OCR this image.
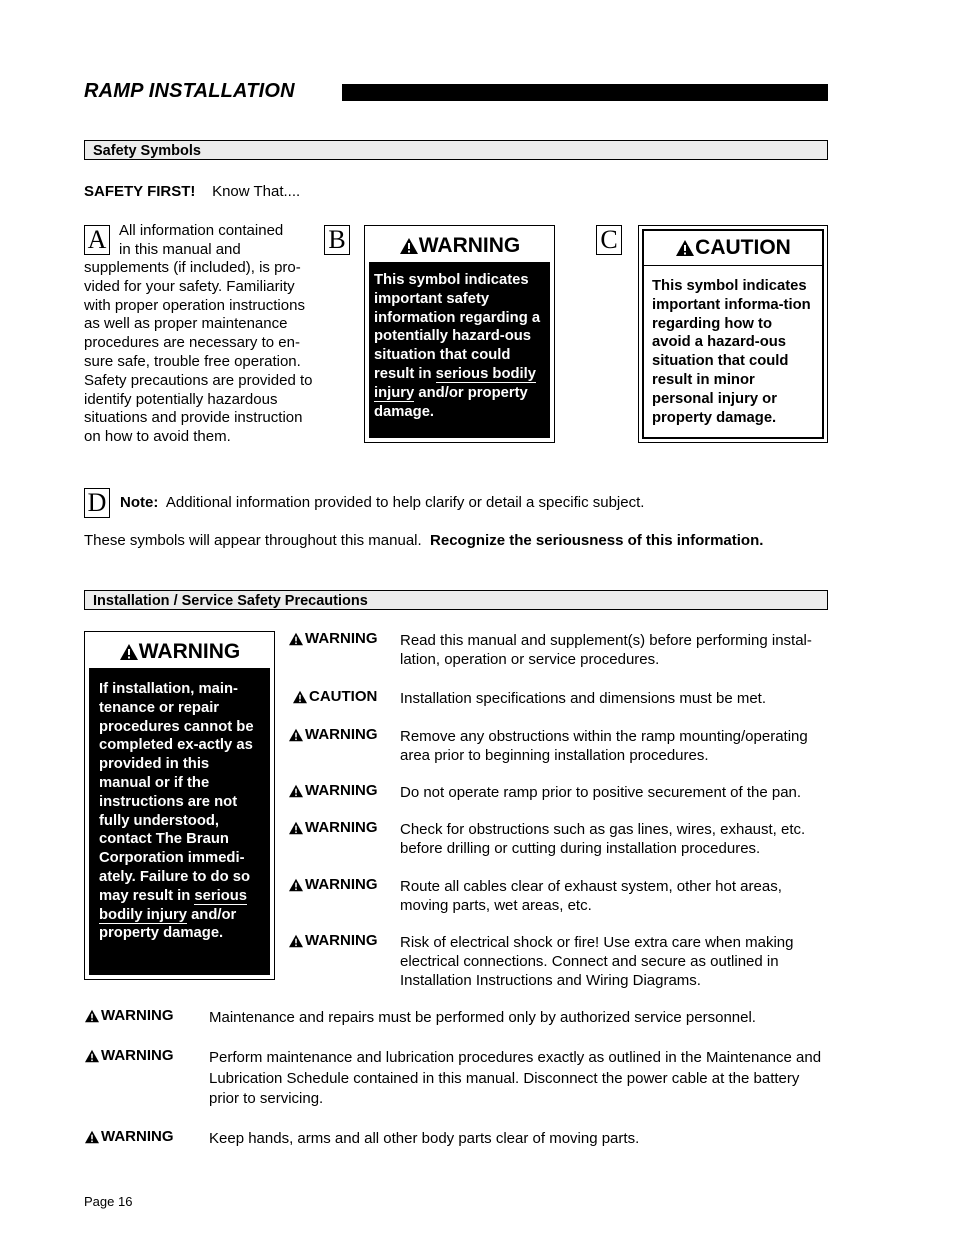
RAMP INSTALLATION
Safety Symbols
SAFETY FIRST! Know That....
A All information contained
in this manual and
supplements (if included), is pro-vided for your safety. Familiarity with proper operation instructions as well as proper maintenance procedures are necessary to en-sure safe, trouble free operation. Safety precautions are provided to identify potentially hazardous situations and provide instruction on how to avoid them.
B	WARNING
This symbol indicates important safety information regarding a potentially hazard-ous situation that could result in serious bodily injury and/or property damage.
C	CAUTION
This symbol indicates important informa-tion regarding how to avoid a hazard-ous situation that could result in minor personal injury or property damage.
D Note: Additional information provided to help clarify or detail a specific subject.
These symbols will appear throughout this manual. Recognize the seriousness of this information.
Installation / Service Safety Precautions
WARNING
If installation, main-tenance or repair procedures cannot be completed ex-actly as provided in this manual or if the instructions are not fully understood, contact The Braun Corporation immedi-ately. Failure to do so may result in serious bodily injury and/or property damage.
WARNING Read this manual and supplement(s) before performing instal-lation, operation or service procedures.
CAUTION Installation specifications and dimensions must be met.
WARNING Remove any obstructions within the ramp mounting/operating area prior to beginning installation procedures.
WARNING Do not operate ramp prior to positive securement of the pan.
WARNING Check for obstructions such as gas lines, wires, exhaust, etc. before drilling or cutting during installation procedures.
WARNING Route all cables clear of exhaust system, other hot areas, moving parts, wet areas, etc.
WARNING Risk of electrical shock or fire! Use extra care when making electrical connections. Connect and secure as outlined in Installation Instructions and Wiring Diagrams.
WARNING Maintenance and repairs must be performed only by authorized service personnel.
WARNING Perform maintenance and lubrication procedures exactly as outlined in the Maintenance and Lubrication Schedule contained in this manual. Disconnect the power cable at the battery prior to servicing.
WARNING Keep hands, arms and all other body parts clear of moving parts.
Page 16
